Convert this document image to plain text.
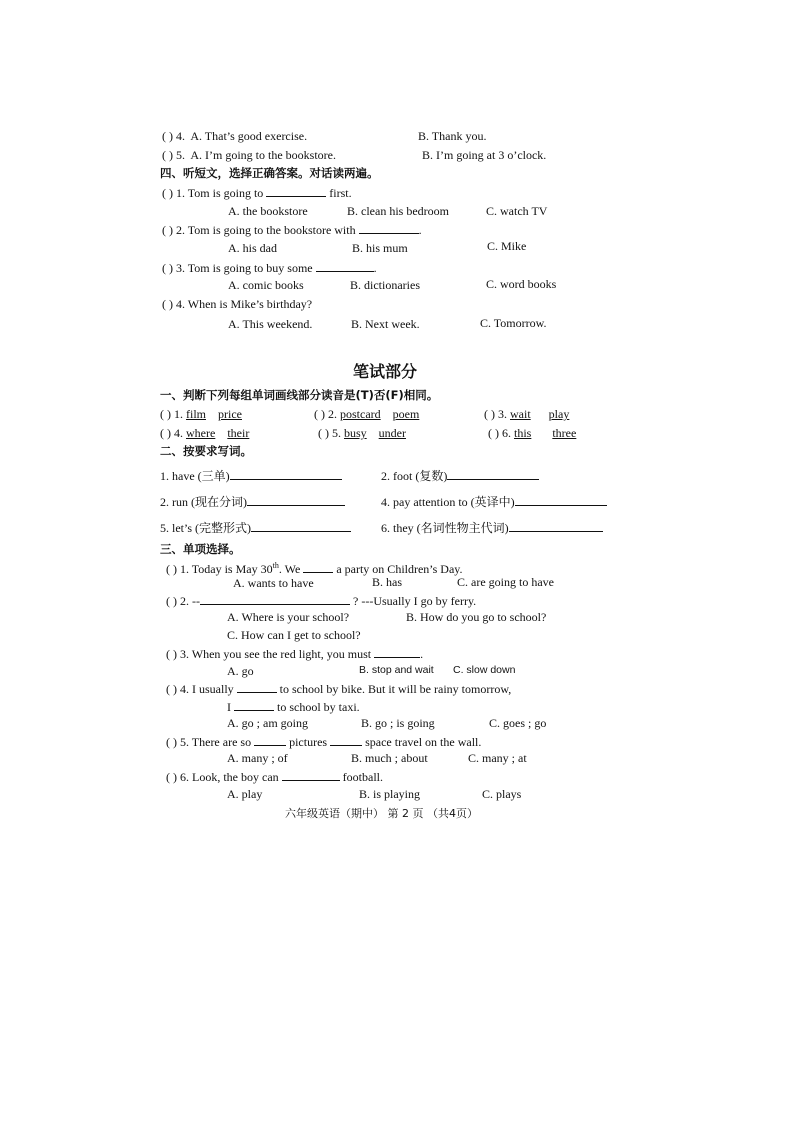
( ) 4. A. That’s good exercise.	B. Thank you.
( ) 5. A. I’m going to the bookstore.	B. I’m going at 3 o’clock.
四、听短文，选择正确答案。对话读两遍。
( ) 1. Tom is going to	first.
A. the bookstore	B. clean his bedroom	C. watch TV
( ) 2. Tom is going to the bookstore with	.
A. his dad	B. his mum	C. Mike
( ) 3. Tom is going to buy some	.
A. comic books	B. dictionaries	C. word books
( ) 4. When is Mike’s birthday?
A. This weekend.	B. Next week.	C. Tomorrow.
笔试部分
一、判断下列每组单词画线部分读音是(T)否(F)相同。
( ) 1. film price	( ) 2. postcard poem	( ) 3. wait play
( ) 4. where their	( ) 5. busy under	( ) 6. this three
二、按要求写词。
1. have (三单)	2. foot (复数)
2. run (现在分词)	4. pay attention to (英译中)
5. let’s (完整形式)	6. they (名词性物主代词)
三、单项选择。
( ) 1. Today is May 30th. We	a party on Children’s Day.
A. wants to have	B. has	C. are going to have
( ) 2. --	? ---Usually I go by ferry.
A. Where is your school?	B. How do you go to school?
C. How can I get to school?
( ) 3. When you see the red light, you must	.
A. go	B. stop and wait C. slow down
( ) 4. I usually	to school by bike. But it will be rainy tomorrow,
I	to school by taxi.
A. go ; am going	B. go ; is going	C. goes ; go
( ) 5. There are so	pictures	space travel on the wall.
A. many ; of	B. much ; about	C. many ; at
( ) 6. Look, the boy can	football.
A. play	B. is playing	C. plays
六年级英语（期中） 第 2 页 （共4页）
